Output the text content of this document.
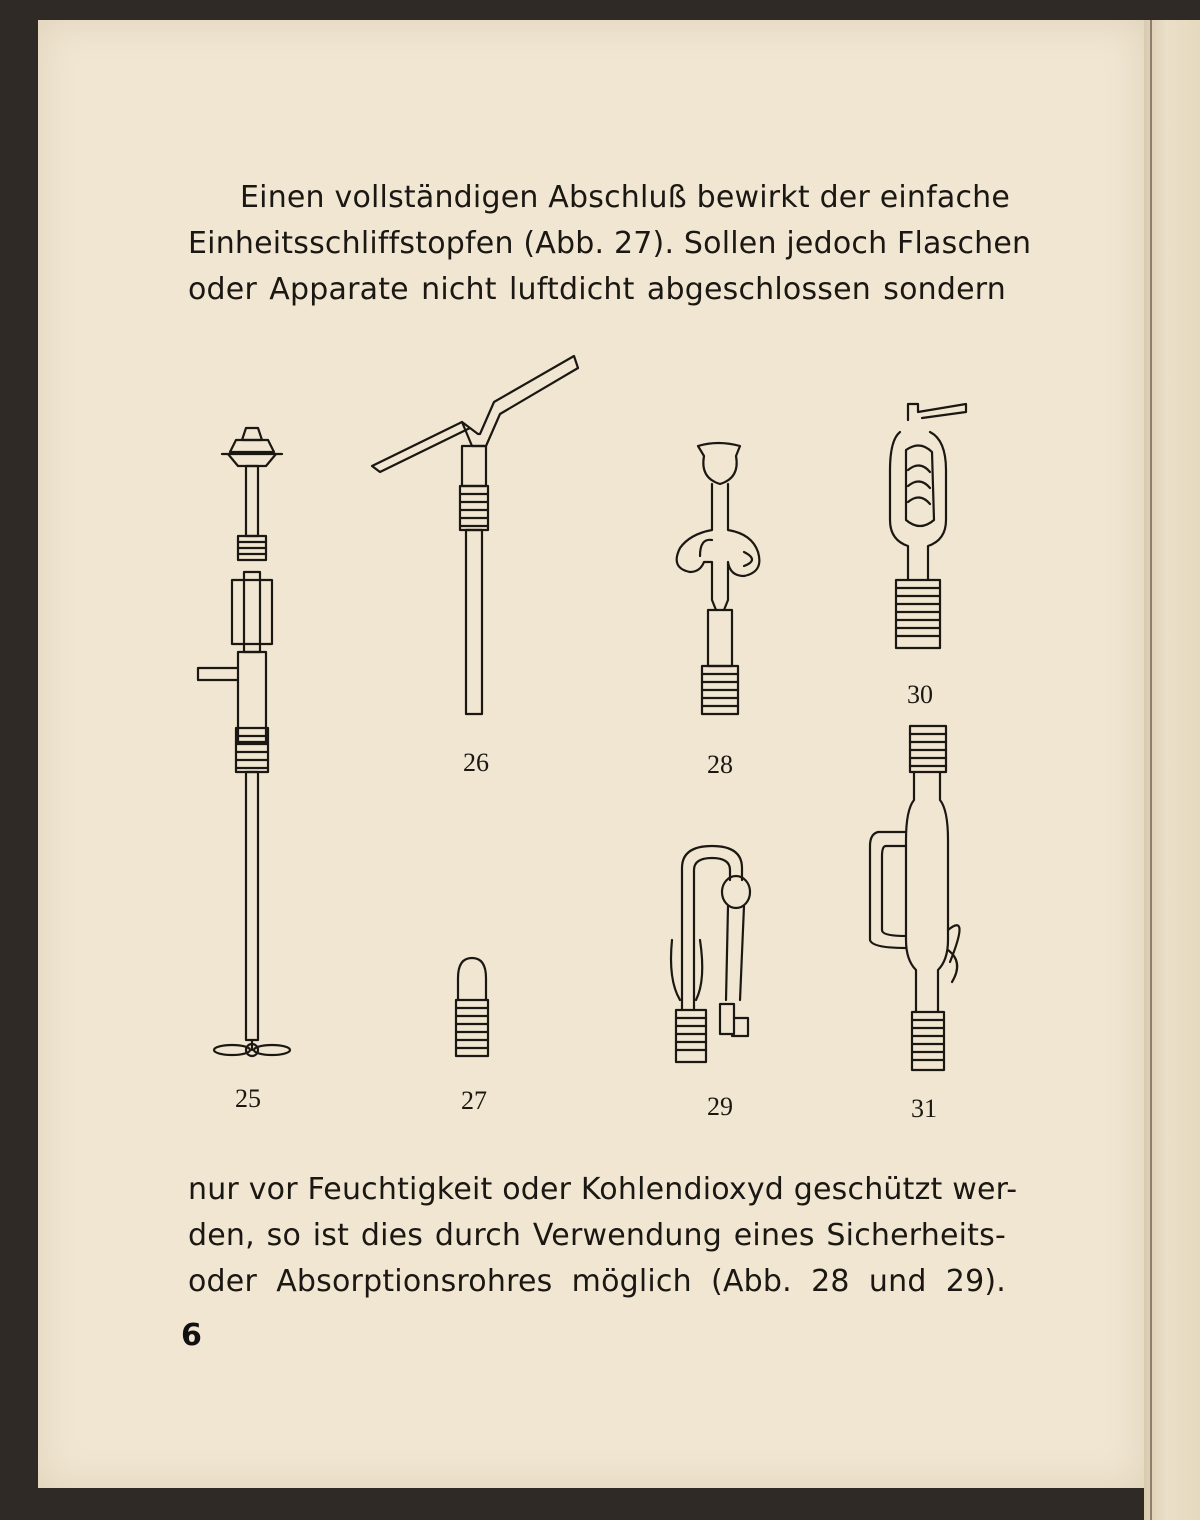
Einen vollständigen Abschluß bewirkt der einfache
Einheitsschliffstopfen (Abb. 27). Sollen jedoch Flaschen
oder Apparate nicht luftdicht abgeschlossen sondern

25
26
27
28
29
30
31

nur vor Feuchtigkeit oder Kohlendioxyd geschützt wer-
den, so ist dies durch Verwendung eines Sicherheits-
oder Absorptionsrohres möglich (Abb. 28 und 29).

6
